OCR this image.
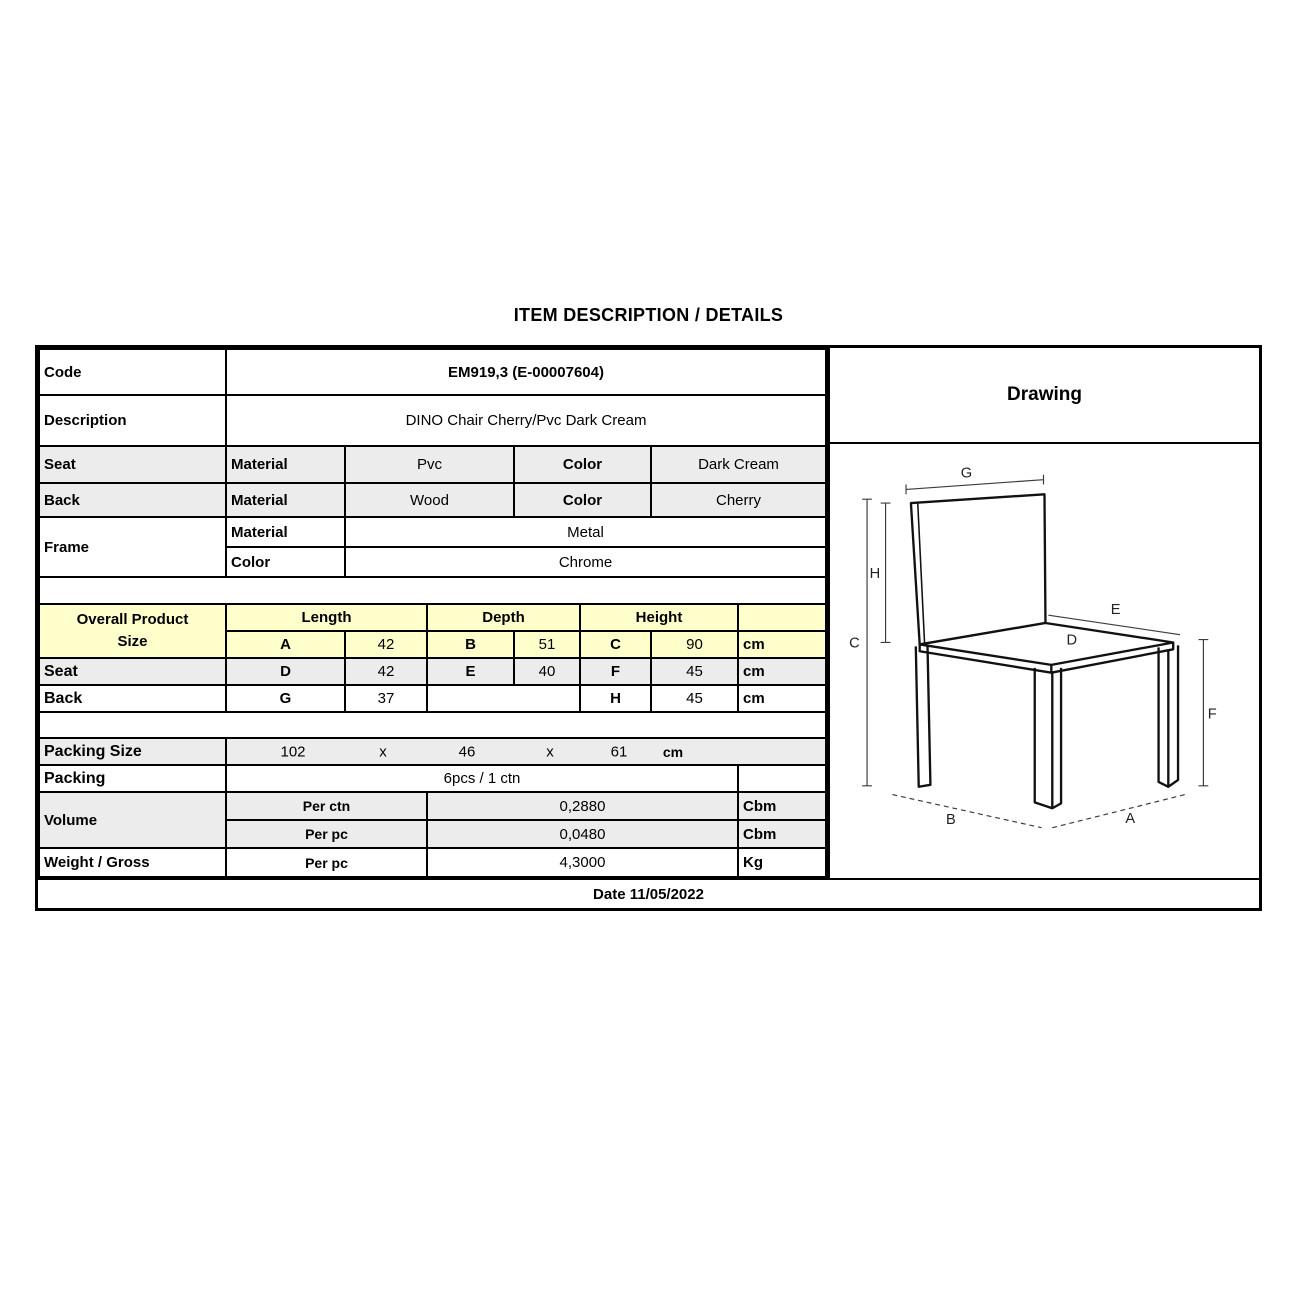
ITEM DESCRIPTION / DETAILS
Code	EM919,3 (E-00007604)						
Description	DINO Chair Cherry/Pvc Dark Cream						
Seat	Material	Pvc		Color		Dark Cream	
Back	Material	Wood		Color		Cherry	
Frame	Material	Metal					
	Color	Chrome					

Overall Product
Size	Length		Depth		Height		
	A	42	B	51	C	90	cm
Seat	D	42	E	40	F	45	cm
Back	G	37			H	45	cm

Packing Size	102	x	46	x	61	cm

Packing	6pcs / 1 ctn						
Volume	Per ctn		0,2880				Cbm
	Per pc		0,0480				Cbm
Weight / Gross	Per pc		4,3000				Kg
Drawing
G
H
C
E
D
F
B	A
Date 11/05/2022
